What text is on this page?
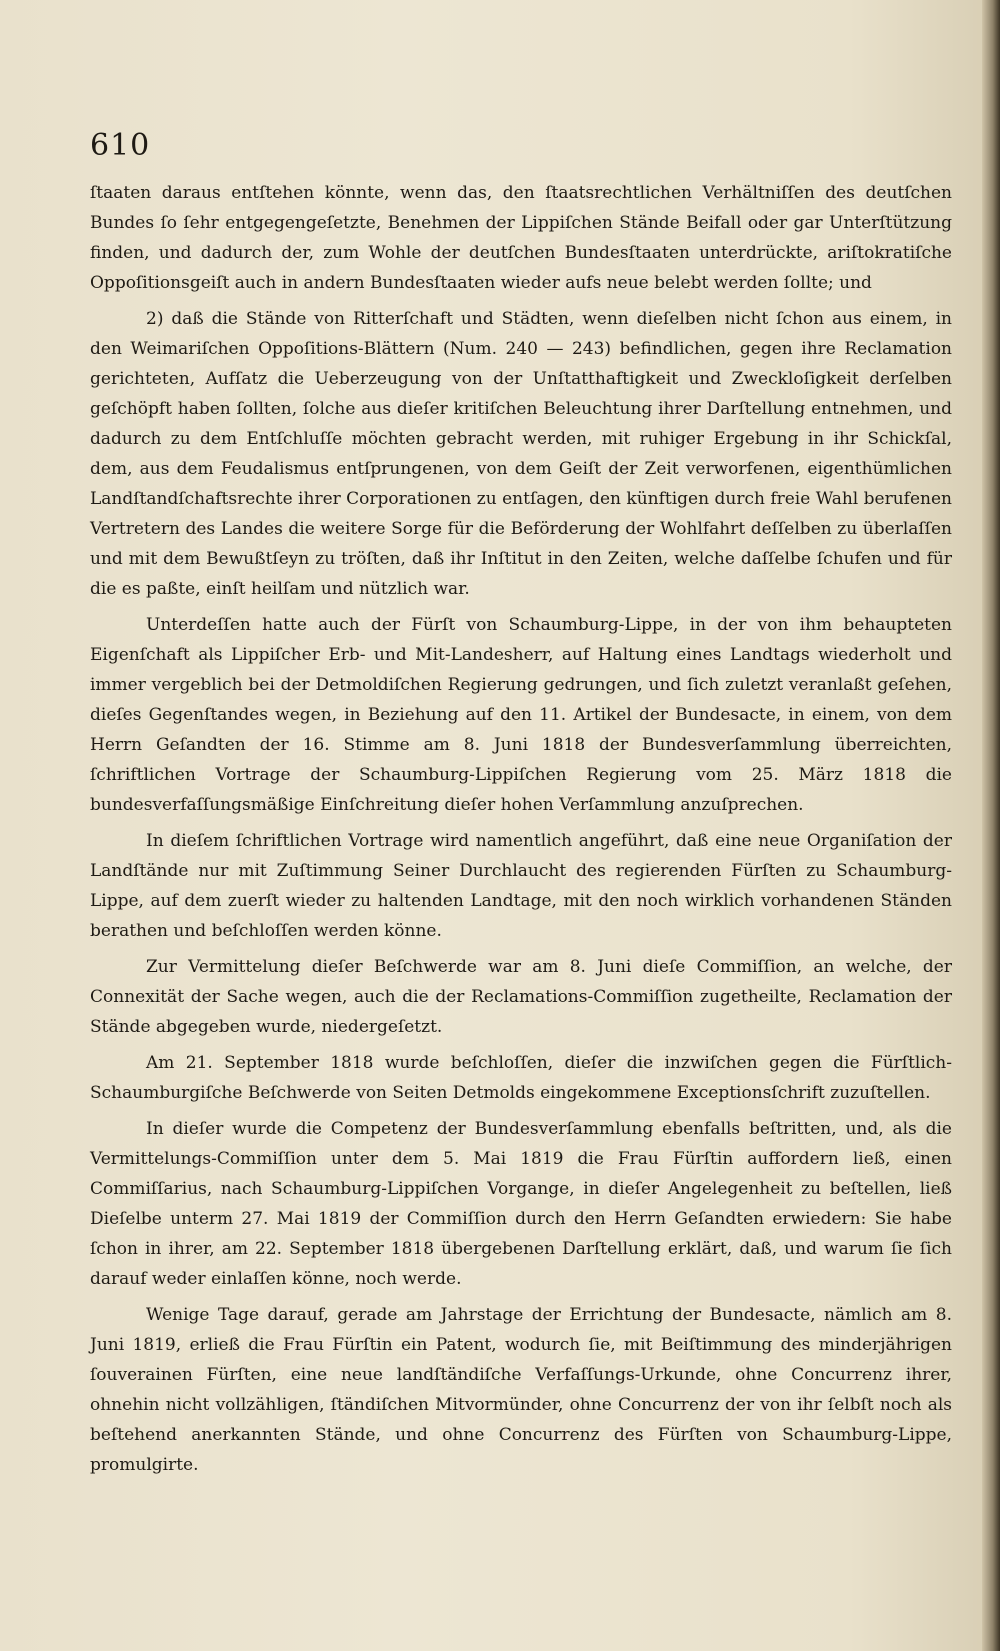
610

ſtaaten daraus entſtehen könnte, wenn das, den ſtaatsrechtlichen Verhältniſſen des deutſchen Bundes ſo ſehr entgegengeſetzte, Benehmen der Lippiſchen Stände Beifall oder gar Unterſtützung finden, und dadurch der, zum Wohle der deutſchen Bundesſtaaten unterdrückte, ariſtokratiſche Oppoſitionsgeiſt auch in andern Bundesſtaaten wieder aufs neue belebt werden ſollte; und

2) daß die Stände von Ritterſchaft und Städten, wenn dieſelben nicht ſchon aus einem, in den Weimariſchen Oppoſitions-Blättern (Num. 240 — 243) befindlichen, gegen ihre Reclamation gerichteten, Aufſatz die Ueberzeugung von der Unſtatthaftigkeit und Zweckloſigkeit derſelben geſchöpft haben ſollten, ſolche aus dieſer kritiſchen Beleuchtung ihrer Darſtellung entnehmen, und dadurch zu dem Entſchluſſe möchten gebracht werden, mit ruhiger Ergebung in ihr Schickſal, dem, aus dem Feudalismus entſprungenen, von dem Geiſt der Zeit verworfenen, eigenthümlichen Landſtandſchaftsrechte ihrer Corporationen zu entſagen, den künftigen durch freie Wahl berufenen Vertretern des Landes die weitere Sorge für die Beförderung der Wohlfahrt deſſelben zu überlaſſen und mit dem Bewußtſeyn zu tröſten, daß ihr Inſtitut in den Zeiten, welche daſſelbe ſchufen und für die es paßte, einſt heilſam und nützlich war.

Unterdeſſen hatte auch der Fürſt von Schaumburg-Lippe, in der von ihm behaupteten Eigenſchaft als Lippiſcher Erb- und Mit-Landesherr, auf Haltung eines Landtags wiederholt und immer vergeblich bei der Detmoldiſchen Regierung gedrungen, und ſich zuletzt veranlaßt geſehen, dieſes Gegenſtandes wegen, in Beziehung auf den 11. Artikel der Bundesacte, in einem, von dem Herrn Geſandten der 16. Stimme am 8. Juni 1818 der Bundesverſammlung überreichten, ſchriftlichen Vortrage der Schaumburg-Lippiſchen Regierung vom 25. März 1818 die bundesverfaſſungsmäßige Einſchreitung dieſer hohen Verſammlung anzuſprechen.

In dieſem ſchriftlichen Vortrage wird namentlich angeführt, daß eine neue Organiſation der Landſtände nur mit Zuſtimmung Seiner Durchlaucht des regierenden Fürſten zu Schaumburg-Lippe, auf dem zuerſt wieder zu haltenden Landtage, mit den noch wirklich vorhandenen Ständen berathen und beſchloſſen werden könne.

Zur Vermittelung dieſer Beſchwerde war am 8. Juni dieſe Commiſſion, an welche, der Connexität der Sache wegen, auch die der Reclamations-Commiſſion zugetheilte, Reclamation der Stände abgegeben wurde, niedergeſetzt.

Am 21. September 1818 wurde beſchloſſen, dieſer die inzwiſchen gegen die Fürſtlich-Schaumburgiſche Beſchwerde von Seiten Detmolds eingekommene Exceptionsſchrift zuzuſtellen.

In dieſer wurde die Competenz der Bundesverſammlung ebenfalls beſtritten, und, als die Vermittelungs-Commiſſion unter dem 5. Mai 1819 die Frau Fürſtin auffordern ließ, einen Commiſſarius, nach Schaumburg-Lippiſchen Vorgange, in dieſer Angelegenheit zu beſtellen, ließ Dieſelbe unterm 27. Mai 1819 der Commiſſion durch den Herrn Geſandten erwiedern: Sie habe ſchon in ihrer, am 22. September 1818 übergebenen Darſtellung erklärt, daß, und warum ſie ſich darauf weder einlaſſen könne, noch werde.

Wenige Tage darauf, gerade am Jahrstage der Errichtung der Bundesacte, nämlich am 8. Juni 1819, erließ die Frau Fürſtin ein Patent, wodurch ſie, mit Beiſtimmung des minderjährigen ſouverainen Fürſten, eine neue landſtändiſche Verfaſſungs-Urkunde, ohne Concurrenz ihrer, ohnehin nicht vollzähligen, ſtändiſchen Mitvormünder, ohne Concurrenz der von ihr ſelbſt noch als beſtehend anerkannten Stände, und ohne Concurrenz des Fürſten von Schaumburg-Lippe, promulgirte.
